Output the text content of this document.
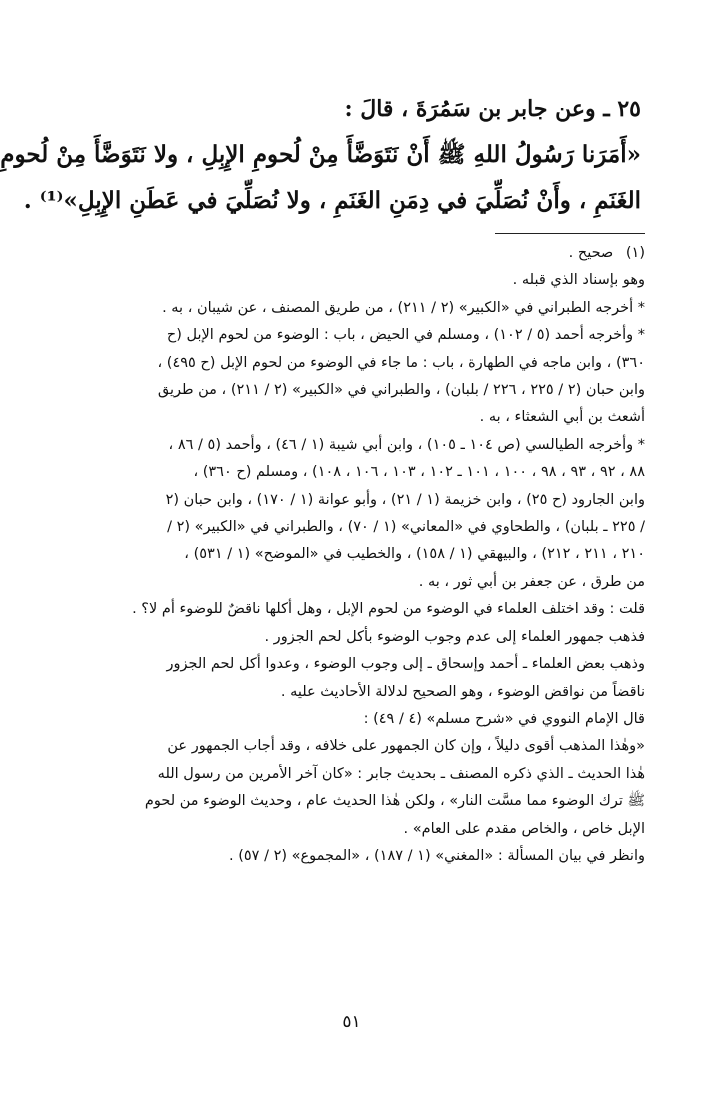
٢٥ ـ وعن جابر بن سَمُرَةَ ، قالَ :
«أَمَرَنا رَسُولُ اللهِ ﷺ أَنْ نَتَوَضَّأَ مِنْ لُحومِ الإِبِلِ ، ولا نَتَوَضَّأَ مِنْ لُحومِ
الغَنَمِ ، وأَنْ نُصَلِّيَ في دِمَنِ الغَنَمِ ، ولا نُصَلِّيَ في عَطَنِ الإِبِلِ»⁽¹⁾ .
(١) صحيح .
وهو بإسناد الذي قبله .
* أخرجه الطبراني في «الكبير» (٢ / ٢١١) ، من طريق المصنف ، عن شيبان ، به .
* وأخرجه أحمد (٥ / ١٠٢) ، ومسلم في الحيض ، باب : الوضوء من لحوم الإبل (ح
٣٦٠) ، وابن ماجه في الطهارة ، باب : ما جاء في الوضوء من لحوم الإبل (ح ٤٩٥) ،
وابن حبان (٢ / ٢٢٥ ، ٢٢٦ / بلبان) ، والطبراني في «الكبير» (٢ / ٢١١) ، من طريق
أشعث بن أبي الشعثاء ، به .
* وأخرجه الطيالسي (ص ١٠٤ ـ ١٠٥) ، وابن أبي شيبة (١ / ٤٦) ، وأحمد (٥ / ٨٦ ،
٨٨ ، ٩٢ ، ٩٣ ، ٩٨ ، ١٠٠ ، ١٠١ ـ ١٠٢ ، ١٠٣ ، ١٠٦ ، ١٠٨) ، ومسلم (ح ٣٦٠) ،
وابن الجارود (ح ٢٥) ، وابن خزيمة (١ / ٢١) ، وأبو عوانة (١ / ١٧٠) ، وابن حبان (٢
/ ٢٢٥ ـ بلبان) ، والطحاوي في «المعاني» (١ / ٧٠) ، والطبراني في «الكبير» (٢ /
٢١٠ ، ٢١١ ، ٢١٢) ، والبيهقي (١ / ١٥٨) ، والخطيب في «الموضح» (١ / ٥٣١) ،
من طرق ، عن جعفر بن أبي ثور ، به .
قلت : وقد اختلف العلماء في الوضوء من لحوم الإبل ، وهل أكلها ناقضٌ للوضوء أم لا؟ .
فذهب جمهور العلماء إلى عدم وجوب الوضوء بأكل لحم الجزور .
وذهب بعض العلماء ـ أحمد وإسحاق ـ إلى وجوب الوضوء ، وعدوا أكل لحم الجزور
ناقضاً من نواقض الوضوء ، وهو الصحيح لدلالة الأحاديث عليه .
قال الإمام النووي في «شرح مسلم» (٤ / ٤٩) :
«وهٰذا المذهب أقوى دليلاً ، وإن كان الجمهور على خلافه ، وقد أجاب الجمهور عن
هٰذا الحديث ـ الذي ذكره المصنف ـ بحديث جابر : «كان آخر الأمرين من رسول الله
ﷺ ترك الوضوء مما مسَّت النار» ، ولكن هٰذا الحديث عام ، وحديث الوضوء من لحوم
الإبل خاص ، والخاص مقدم على العام» .
وانظر في بيان المسألة : «المغني» (١ / ١٨٧) ، «المجموع» (٢ / ٥٧) .
٥١
